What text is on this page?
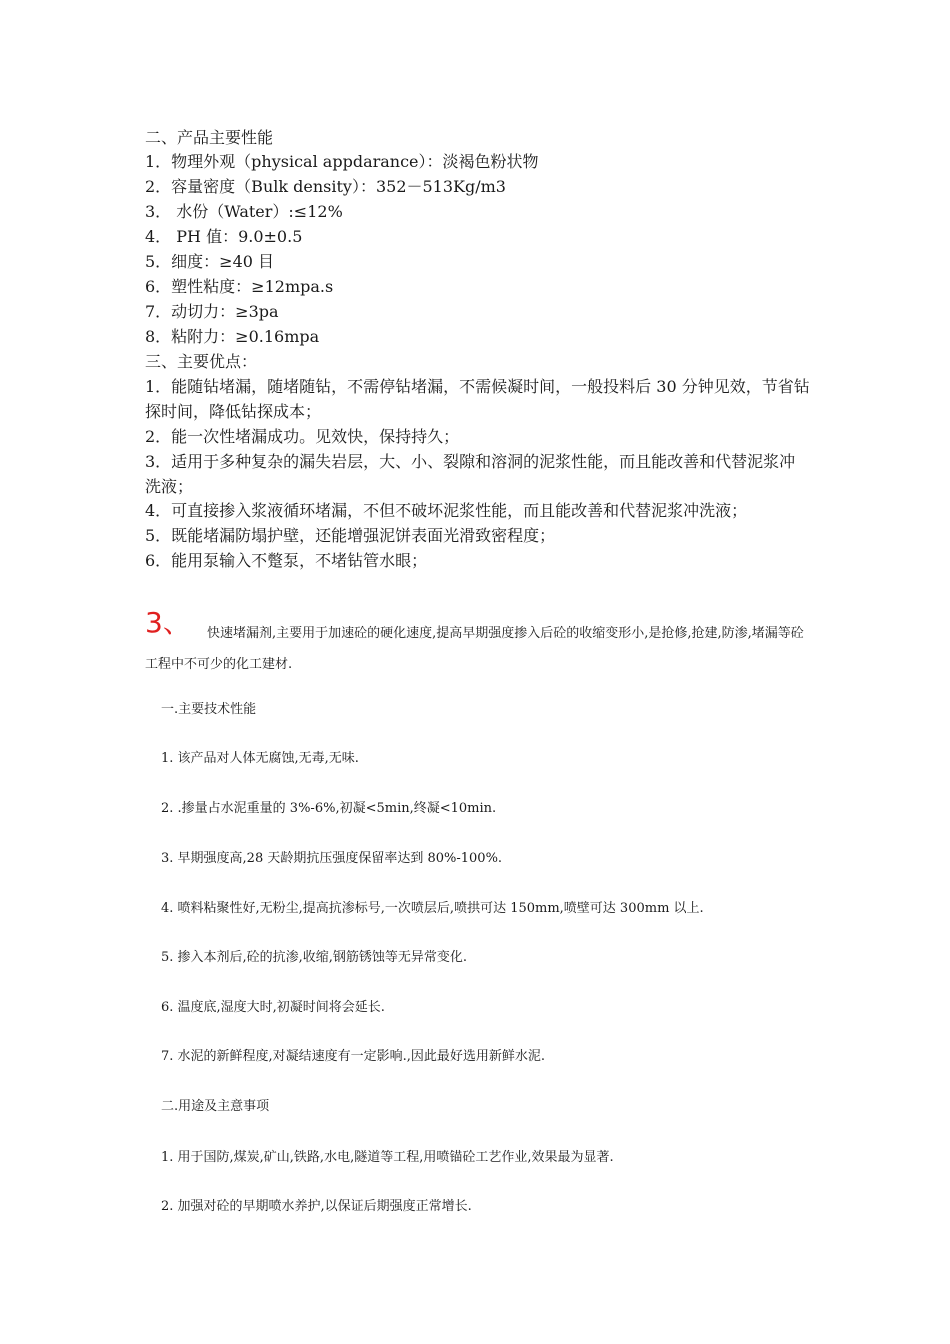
二、产品主要性能
1．物理外观（physical appdarance）：淡褐色粉状物
2．容量密度（Bulk density）：352－513Kg/m3
3． 水份（Water）:≤12%
4． PH 值：9.0±0.5
5．细度：≥40 目
6．塑性粘度：≥12mpa.s
7．动切力：≥3pa
8．粘附力：≥0.16mpa
三、主要优点：
1．能随钻堵漏，随堵随钻，不需停钻堵漏，不需候凝时间，一般投料后 30 分钟见效，节省钻探时间，降低钻探成本；
2．能一次性堵漏成功。见效快，保持持久；
3．适用于多种复杂的漏失岩层，大、小、裂隙和溶洞的泥浆性能，而且能改善和代替泥浆冲洗液；
4．可直接掺入浆液循环堵漏，不但不破坏泥浆性能，而且能改善和代替泥浆冲洗液；
5．既能堵漏防塌护壁，还能增强泥饼表面光滑致密程度；
6．能用泵输入不蹩泵，不堵钻管水眼；
3、	快速堵漏剂,主要用于加速砼的硬化速度,提高早期强度掺入后砼的收缩变形小,是抢修,抢建,防渗,堵漏等砼工程中不可少的化工建材.
一.主要技术性能
1. 该产品对人体无腐蚀,无毒,无味.
2. .掺量占水泥重量的 3%-6%,初凝<5min,终凝<10min.
3. 早期强度高,28 天龄期抗压强度保留率达到 80%-100%.
4. 喷料粘聚性好,无粉尘,提高抗渗标号,一次喷层后,喷拱可达 150mm,喷壁可达 300mm 以上.
5. 掺入本剂后,砼的抗渗,收缩,钢筋锈蚀等无异常变化.
6. 温度底,湿度大时,初凝时间将会延长.
7. 水泥的新鲜程度,对凝结速度有一定影响.,因此最好选用新鲜水泥.
二.用途及主意事项
1. 用于国防,煤炭,矿山,铁路,水电,隧道等工程,用喷锚砼工艺作业,效果最为显著.
2. 加强对砼的早期喷水养护,以保证后期强度正常增长.
